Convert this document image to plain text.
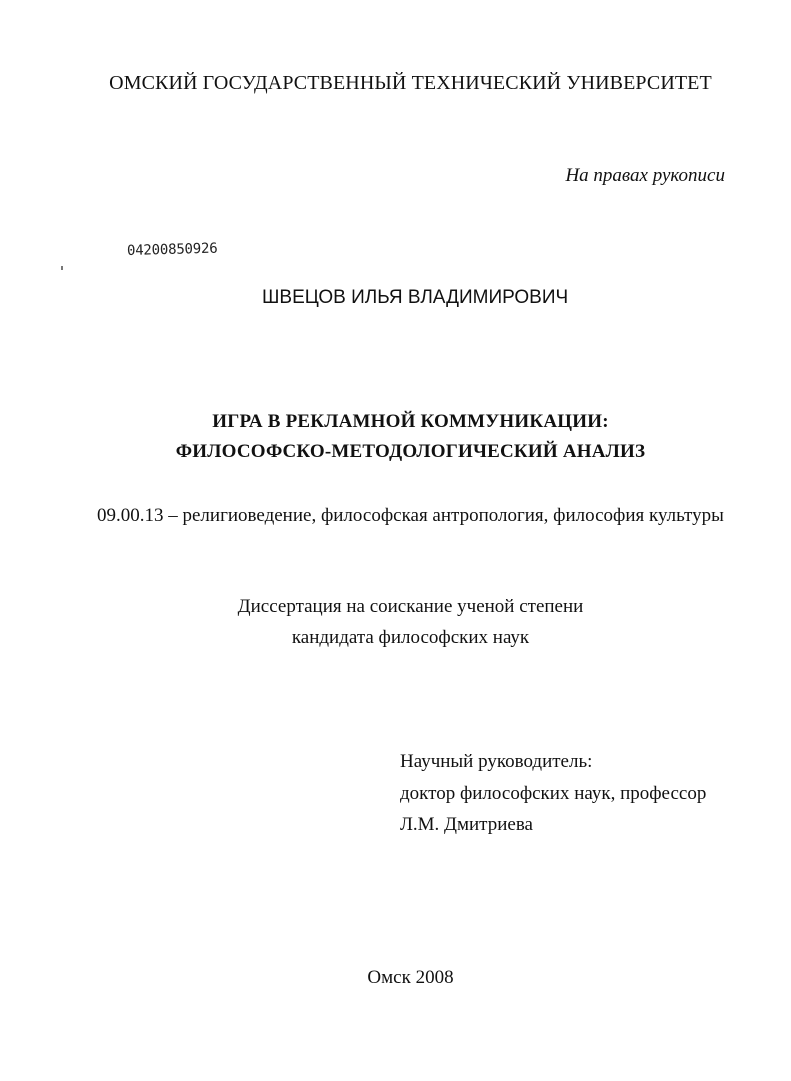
ОМСКИЙ ГОСУДАРСТВЕННЫЙ ТЕХНИЧЕСКИЙ УНИВЕРСИТЕТ
На правах рукописи
04200850926
ШВЕЦОВ ИЛЬЯ ВЛАДИМИРОВИЧ
ИГРА В РЕКЛАМНОЙ КОММУНИКАЦИИ:
ФИЛОСОФСКО-МЕТОДОЛОГИЧЕСКИЙ АНАЛИЗ
09.00.13 – религиоведение, философская антропология, философия культуры
Диссертация на соискание ученой степени
кандидата философских наук
Научный руководитель:
доктор философских наук, профессор
Л.М. Дмитриева
Омск 2008
